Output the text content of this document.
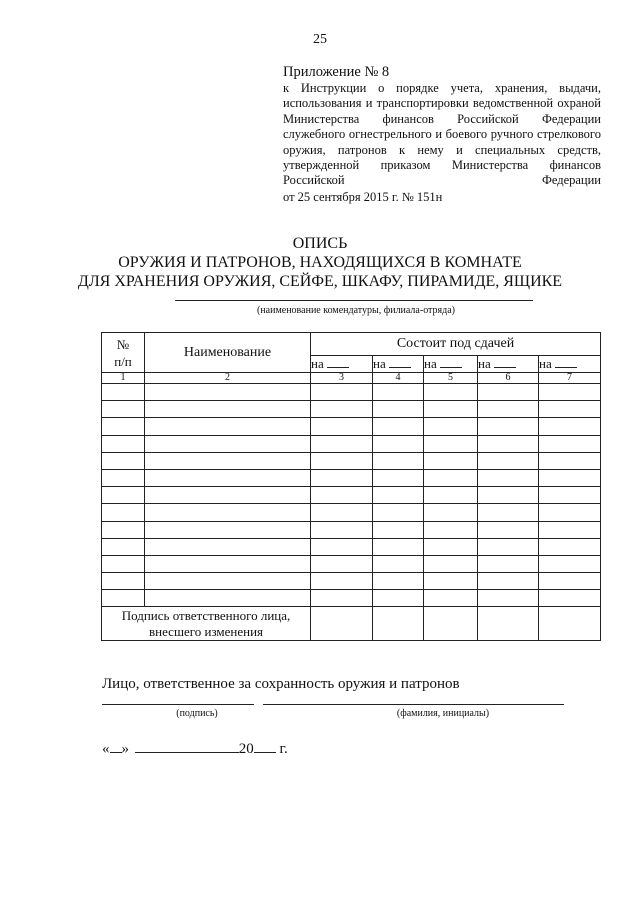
25
Приложение № 8
к Инструкции о порядке учета, хранения, выдачи, использования и транспортировки ведомственной охраной Министерства финансов Российской Федерации служебного огнестрельного и боевого ручного стрелкового оружия, патронов к нему и специальных средств, утвержденной приказом Министерства финансов Российской Федерации
от 25 сентября 2015 г. № 151н
ОПИСЬ
ОРУЖИЯ И ПАТРОНОВ, НАХОДЯЩИХСЯ В КОМНАТЕ
ДЛЯ ХРАНЕНИЯ ОРУЖИЯ, СЕЙФЕ, ШКАФУ, ПИРАМИДЕ, ЯЩИКЕ
(наименование комендатуры, филиала-отряда)
№
п/п	Наименование	Состоит под сдачей				
		на	на	на	на	на
1	2	3	4	5	6	7

Подпись ответственного лица, внесшего изменения						
Лицо, ответственное за сохранность оружия и патронов
(подпись)	(фамилия, инициалы)
« »	20 г.
